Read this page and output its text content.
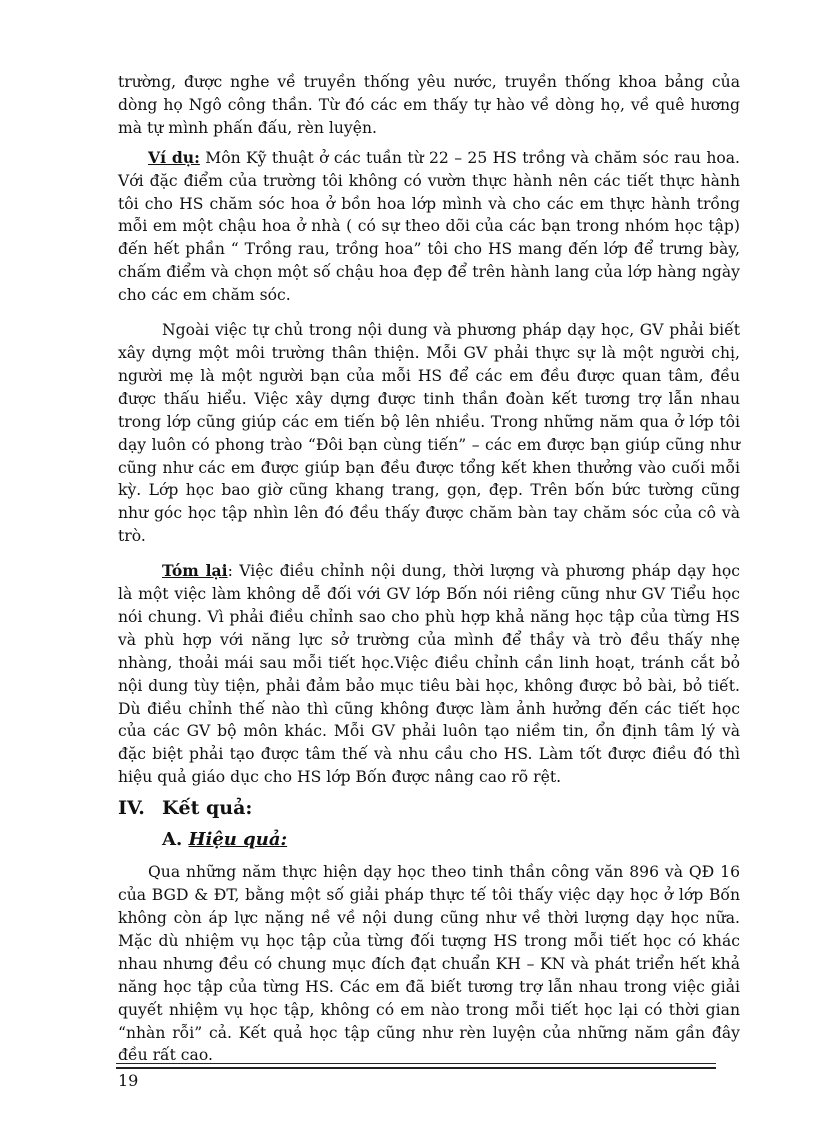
trường, được nghe về truyền thống yêu nước, truyền thống khoa bảng của dòng họ Ngô công thần. Từ đó các em thấy tự hào về dòng họ, về quê hương mà tự mình phấn đấu, rèn luyện.

Ví dụ: Môn Kỹ thuật ở các tuần từ 22 – 25 HS trồng và chăm sóc rau hoa. Với đặc điểm của trường tôi không có vườn thực hành nên các tiết thực hành tôi cho HS chăm sóc hoa ở bồn hoa lớp mình và cho các em thực hành trồng mỗi em một chậu hoa ở nhà ( có sự theo dõi của các bạn trong nhóm học tập) đến hết phần “ Trồng rau, trồng hoa” tôi cho HS mang đến lớp để trưng bày, chấm điểm và chọn một số chậu hoa đẹp để trên hành lang của lớp hàng ngày cho các em chăm sóc.

Ngoài việc tự chủ trong nội dung và phương pháp dạy học, GV phải biết xây dựng một môi trường thân thiện. Mỗi GV phải thực sự là một người chị, người mẹ là một người bạn của mỗi HS để các em đều được quan tâm, đều được thấu hiểu. Việc xây dựng được tinh thần đoàn kết tương trợ lẫn nhau trong lớp cũng giúp các em tiến bộ lên nhiều. Trong những năm qua ở lớp tôi dạy luôn có phong trào “Đôi bạn cùng tiến” – các em được bạn giúp cũng như cũng như các em được giúp bạn đều được tổng kết khen thưởng vào cuối mỗi kỳ. Lớp học bao giờ cũng khang trang, gọn, đẹp. Trên bốn bức tường cũng như góc học tập nhìn lên đó đều thấy được chăm bàn tay chăm sóc của cô và trò.

Tóm lại: Việc điều chỉnh nội dung, thời lượng và phương pháp dạy học là một việc làm không dễ đối với GV lớp Bốn nói riêng cũng như GV Tiểu học nói chung. Vì phải điều chỉnh sao cho phù hợp khả năng học tập của từng HS và phù hợp với năng lực sở trường của mình để thầy và trò đều thấy nhẹ nhàng, thoải mái sau mỗi tiết học.Việc điều chỉnh cần linh hoạt, tránh cắt bỏ nội dung tùy tiện, phải đảm bảo mục tiêu bài học, không được bỏ bài, bỏ tiết. Dù điều chỉnh thế nào thì cũng không được làm ảnh hưởng đến các tiết học của các GV bộ môn khác. Mỗi GV phải luôn tạo niềm tin, ổn định tâm lý và đặc biệt phải tạo được tâm thế và nhu cầu cho HS. Làm tốt được điều đó thì hiệu quả giáo dục cho HS lớp Bốn được nâng cao rõ rệt.

IV. Kết quả:
A. Hiệu quả:

Qua những năm thực hiện dạy học theo tinh thần công văn 896 và QĐ 16 của BGD & ĐT, bằng một số giải pháp thực tế tôi thấy việc dạy học ở lớp Bốn không còn áp lực nặng nề về nội dung cũng như về thời lượng dạy học nữa. Mặc dù nhiệm vụ học tập của từng đối tượng HS trong mỗi tiết học có khác nhau nhưng đều có chung mục đích đạt chuẩn KH – KN và phát triển hết khả năng học tập của từng HS. Các em đã biết tương trợ lẫn nhau trong việc giải quyết nhiệm vụ học tập, không có em nào trong mỗi tiết học lại có thời gian “nhàn rỗi” cả. Kết quả học tập cũng như rèn luyện của những năm gần đây đều rất cao.

19
